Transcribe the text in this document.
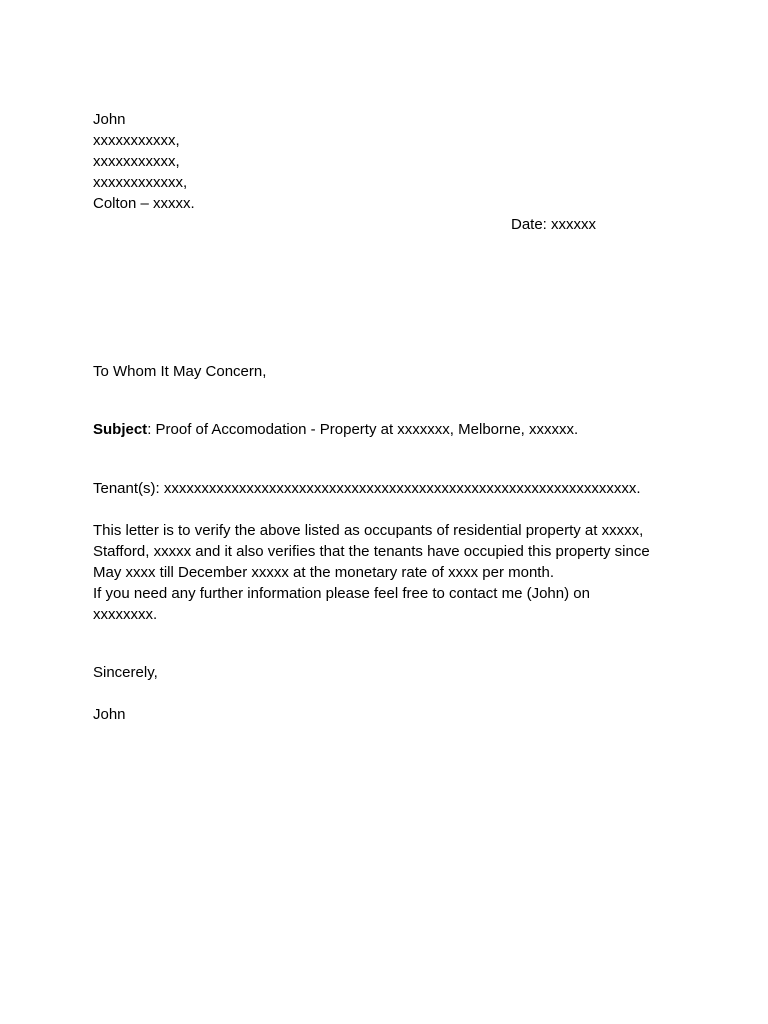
John
xxxxxxxxxxx,
xxxxxxxxxxx,
xxxxxxxxxxxx,
Colton – xxxxx.
Date: xxxxxx
To Whom It May Concern,
Subject: Proof of Accomodation - Property at xxxxxxx, Melborne, xxxxxx.
Tenant(s): xxxxxxxxxxxxxxxxxxxxxxxxxxxxxxxxxxxxxxxxxxxxxxxxxxxxxxxxxxxxxxx.
This letter is to verify the above listed as occupants of residential property at xxxxx,
Stafford, xxxxx and it also verifies that the tenants have occupied this property since
May xxxx till December xxxxx at the monetary rate of xxxx per month.
If you need any further information please feel free to contact me (John) on
xxxxxxxx.
Sincerely,
John
